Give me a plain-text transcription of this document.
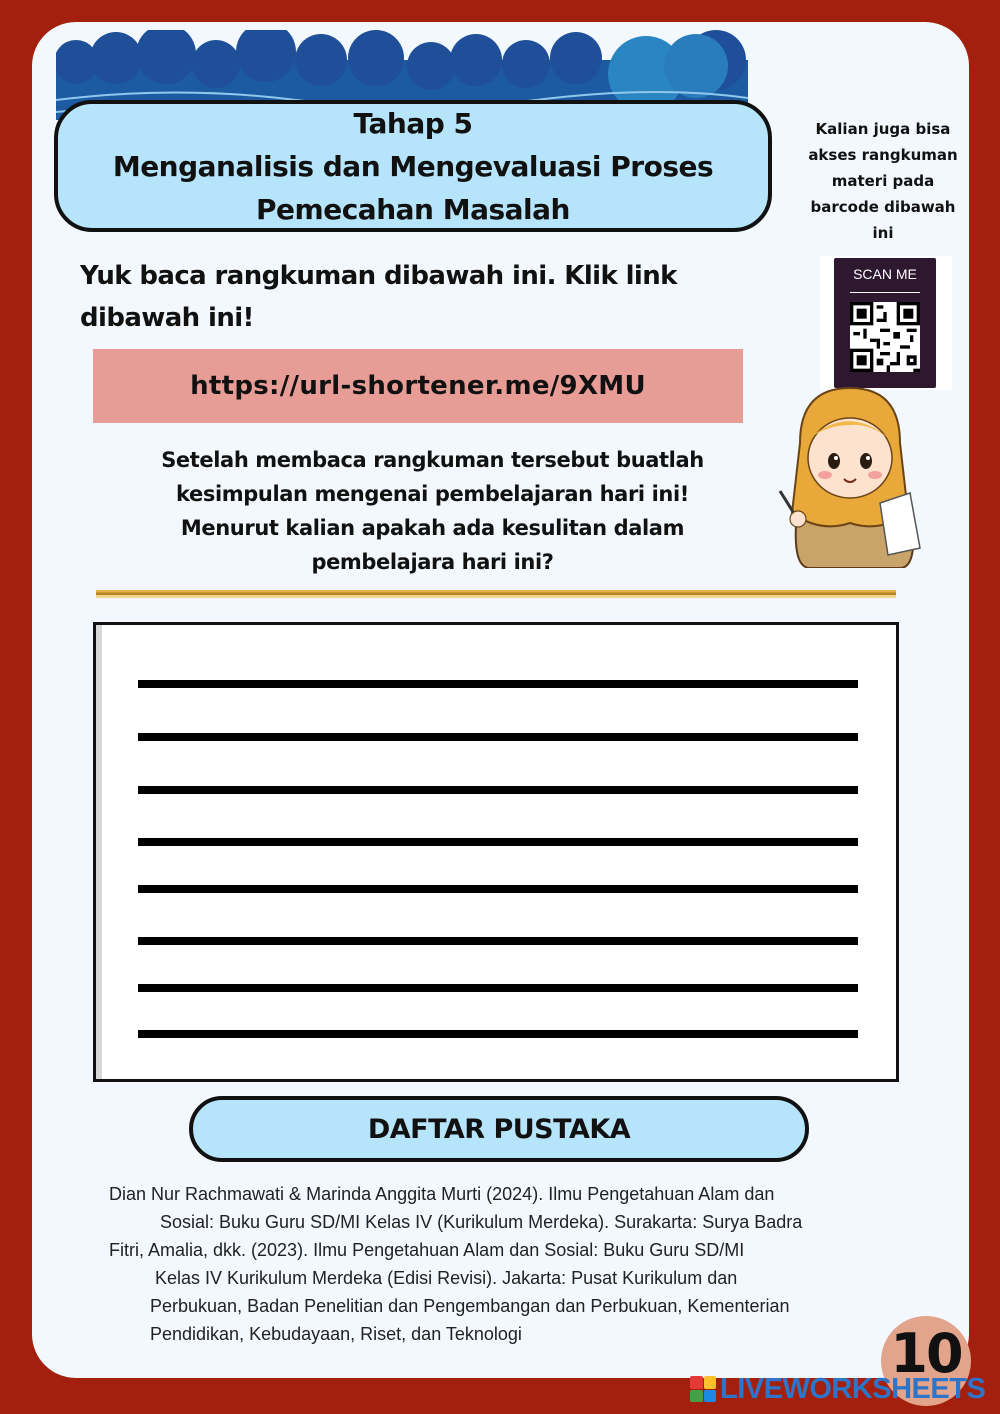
Tahap 5
Menganalisis dan Mengevaluasi Proses
Pemecahan Masalah
Kalian juga bisa akses rangkuman materi pada barcode dibawah ini
SCAN ME
Yuk baca rangkuman dibawah ini. Klik link dibawah ini!
https://url-shortener.me/9XMU
Setelah membaca rangkuman tersebut buatlah kesimpulan mengenai pembelajaran hari ini! Menurut kalian apakah ada kesulitan dalam pembelajara hari ini?
DAFTAR PUSTAKA
Dian Nur Rachmawati & Marinda Anggita Murti (2024). Ilmu Pengetahuan Alam dan
Sosial: Buku Guru SD/MI Kelas IV (Kurikulum Merdeka). Surakarta: Surya Badra
Fitri, Amalia, dkk. (2023). Ilmu Pengetahuan Alam dan Sosial: Buku Guru SD/MI
Kelas IV Kurikulum Merdeka (Edisi Revisi). Jakarta: Pusat Kurikulum dan
Perbukuan, Badan Penelitian dan Pengembangan dan Perbukuan, Kementerian
Pendidikan, Kebudayaan, Riset, dan Teknologi	10
LIVEWORKSHEETS
